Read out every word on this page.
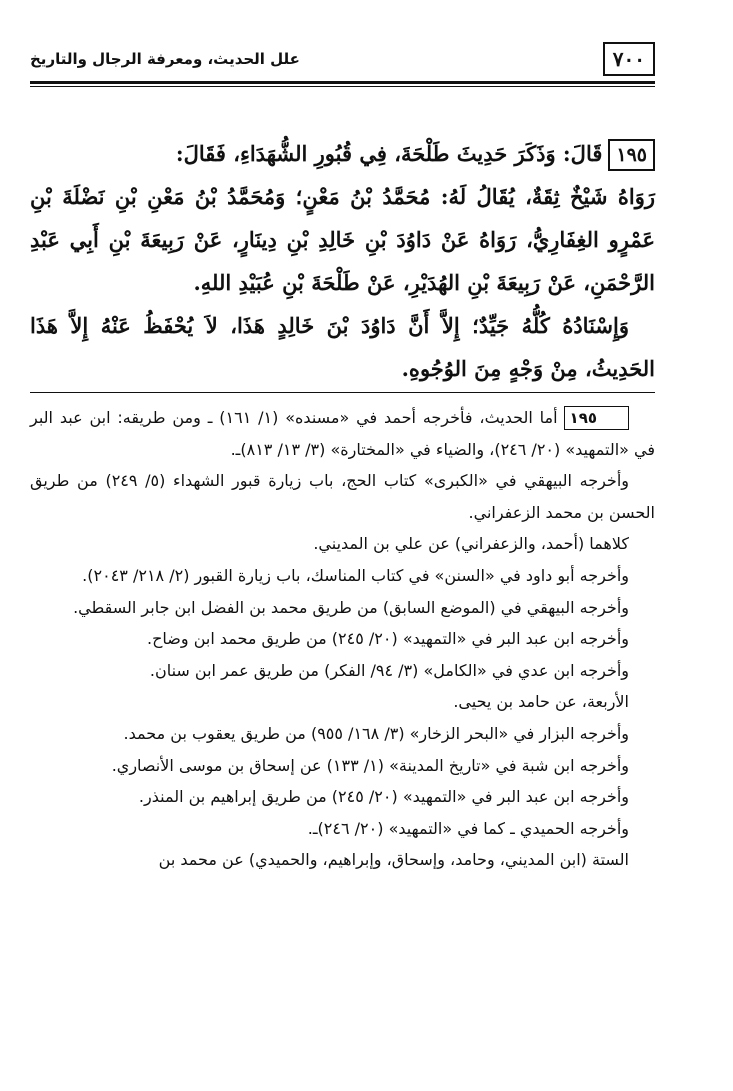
٧٠٠
علل الحديث، ومعرفة الرجال والتاريخ

١٩٥قَالَ: وَذَكَرَ حَدِيثَ طَلْحَةَ، فِي قُبُورِ الشُّهَدَاءِ، فَقَالَ:

رَوَاهُ شَيْخٌ ثِقَةٌ، يُقَالُ لَهُ: مُحَمَّدُ بْنُ مَعْنٍ؛ وَمُحَمَّدُ بْنُ مَعْنِ بْنِ نَضْلَةَ بْنِ عَمْرٍو الغِفَارِيُّ، رَوَاهُ عَنْ دَاوُدَ بْنِ خَالِدِ بْنِ دِينَارٍ، عَنْ رَبِيعَةَ بْنِ أَبِي عَبْدِ الرَّحْمَنِ، عَنْ رَبِيعَةَ بْنِ الهُدَيْرِ، عَنْ طَلْحَةَ بْنِ عُبَيْدِ اللهِ.

وَإِسْنَادُهُ كُلُّهُ جَيِّدٌ؛ إِلاَّ أَنَّ دَاوُدَ بْنَ خَالِدٍ هَذَا، لاَ يُحْفَظُ عَنْهُ إِلاَّ هَذَا الحَدِيثُ، مِنْ وَجْهٍ مِنَ الوُجُوهِ.

١٩٥أما الحديث، فأخرجه أحمد في «مسنده» (١/ ١٦١) ـ ومن طريقه: ابن عبد البر في «التمهيد» (٢٠/ ٢٤٦)، والضياء في «المختارة» (٣/ ١٣/ ٨١٣)ـ.

وأخرجه البيهقي في «الكبرى» كتاب الحج، باب زيارة قبور الشهداء (٥/ ٢٤٩) من طريق الحسن بن محمد الزعفراني.

كلاهما (أحمد، والزعفراني) عن علي بن المديني.

وأخرجه أبو داود في «السنن» في كتاب المناسك، باب زيارة القبور (٢/ ٢١٨/ ٢٠٤٣).

وأخرجه البيهقي في (الموضع السابق) من طريق محمد بن الفضل ابن جابر السقطي.

وأخرجه ابن عبد البر في «التمهيد» (٢٠/ ٢٤٥) من طريق محمد ابن وضاح.

وأخرجه ابن عدي في «الكامل» (٣/ ٩٤/ الفكر) من طريق عمر ابن سنان.

الأربعة، عن حامد بن يحيى.

وأخرجه البزار في «البحر الزخار» (٣/ ١٦٨/ ٩٥٥) من طريق يعقوب بن محمد.

وأخرجه ابن شبة في «تاريخ المدينة» (١/ ١٣٣) عن إسحاق بن موسى الأنصاري.

وأخرجه ابن عبد البر في «التمهيد» (٢٠/ ٢٤٥) من طريق إبراهيم بن المنذر.

وأخرجه الحميدي ـ كما في «التمهيد» (٢٠/ ٢٤٦)ـ.

الستة (ابن المديني، وحامد، وإسحاق، وإبراهيم، والحميدي) عن محمد بن
